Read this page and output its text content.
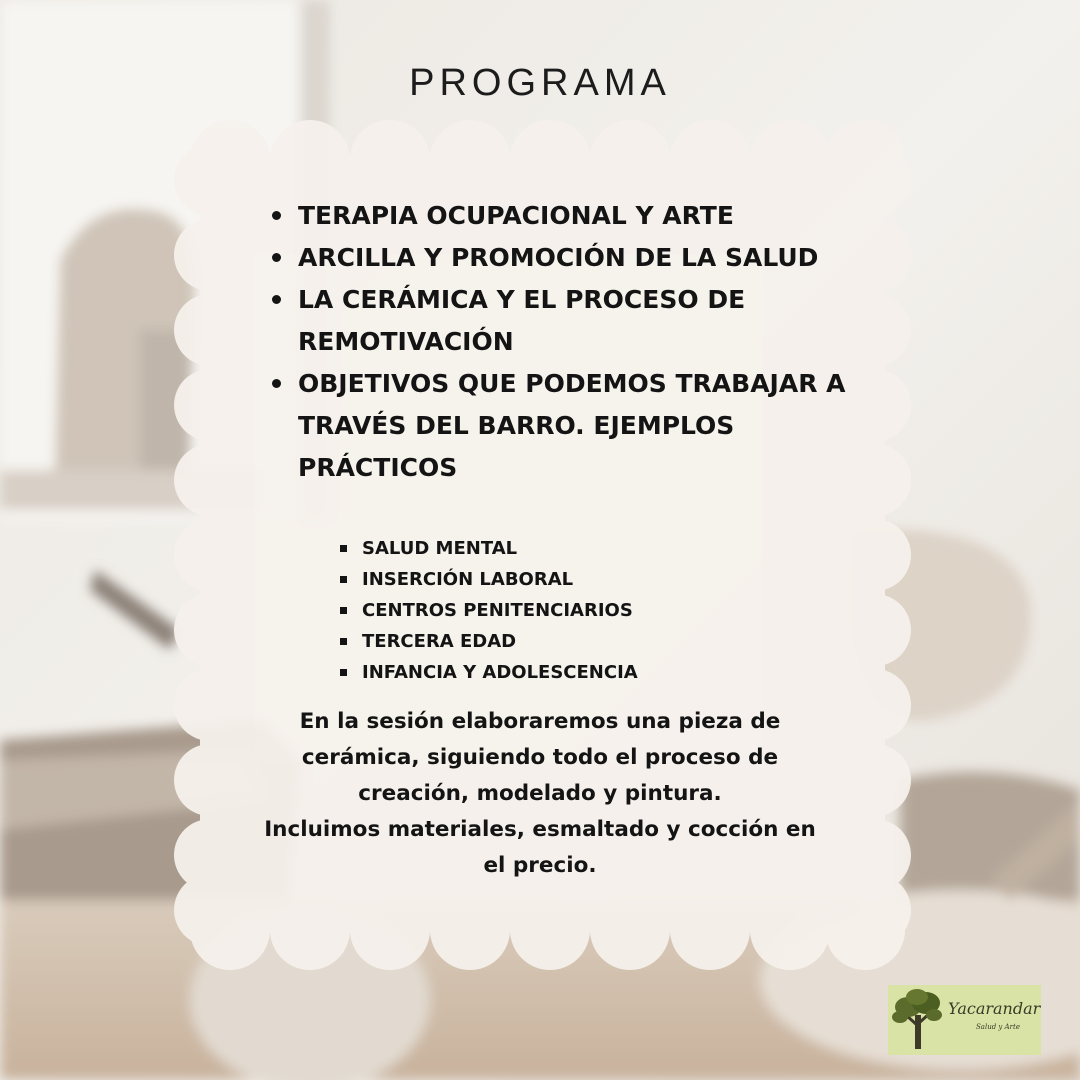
PROGRAMA
TERAPIA OCUPACIONAL Y ARTE
ARCILLA Y PROMOCIÓN DE LA SALUD
LA CERÁMICA Y EL PROCESO DE REMOTIVACIÓN
OBJETIVOS QUE PODEMOS TRABAJAR A TRAVÉS DEL BARRO. EJEMPLOS PRÁCTICOS
SALUD MENTAL
INSERCIÓN LABORAL
CENTROS PENITENCIARIOS
TERCERA EDAD
INFANCIA Y ADOLESCENCIA

En la sesión elaboraremos una pieza de
cerámica, siguiendo todo el proceso de
creación, modelado y pintura.
Incluimos materiales, esmaltado y cocción en
el precio.

Yacarandar
Salud y Arte
